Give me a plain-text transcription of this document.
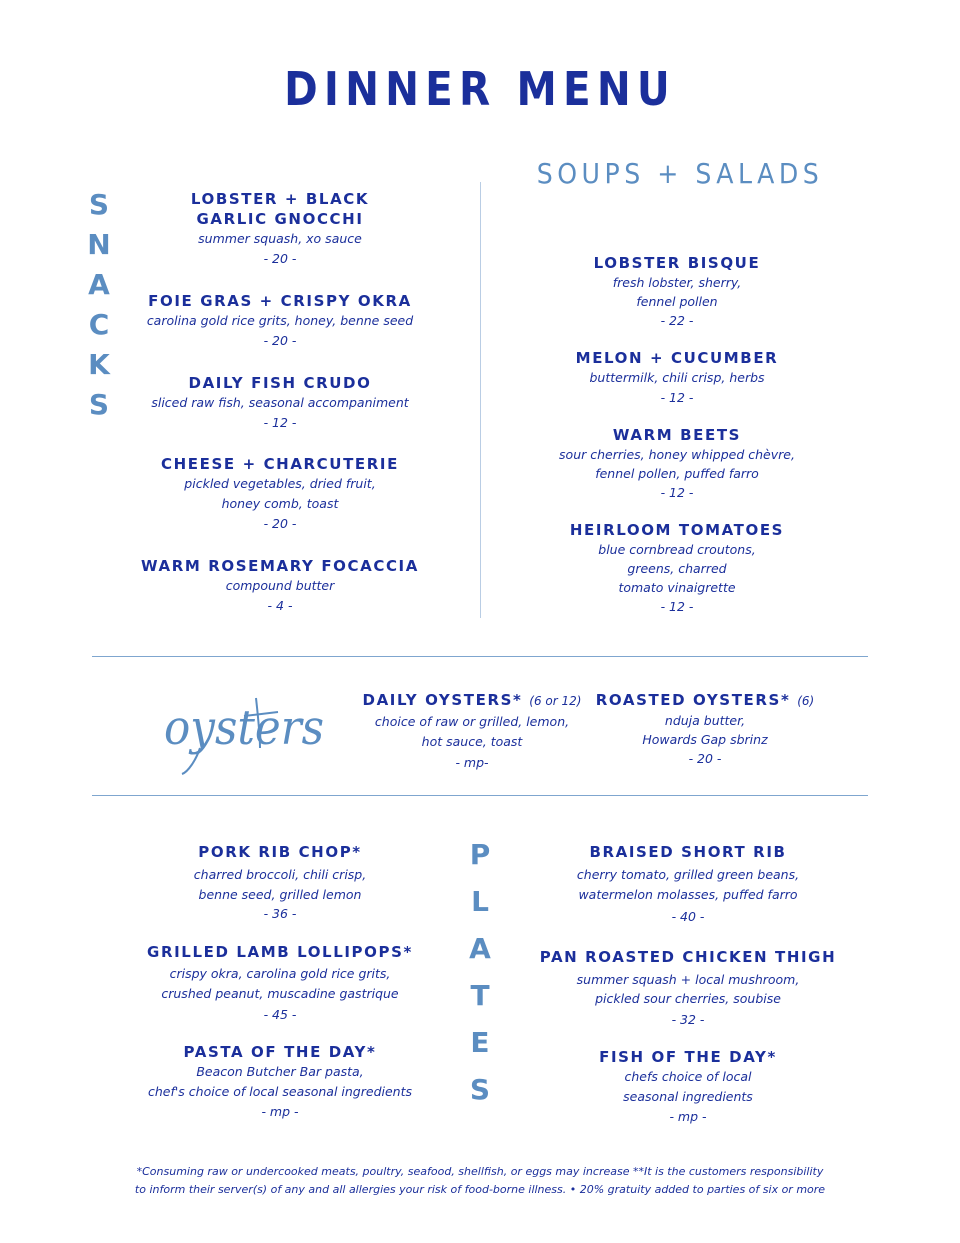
DINNER MENU
S
N
A
C
K
S
LOBSTER + BLACK
GARLIC GNOCCHI
summer squash, xo sauce
- 20 -
FOIE GRAS + CRISPY OKRA
carolina gold rice grits, honey, benne seed
- 20 -
DAILY FISH CRUDO
sliced raw fish, seasonal accompaniment
- 12 -
CHEESE + CHARCUTERIE
pickled vegetables, dried fruit,
honey comb, toast
- 20 -
WARM ROSEMARY FOCACCIA
compound butter
- 4 -
SOUPS + SALADS
LOBSTER BISQUE
fresh lobster, sherry,
fennel pollen
- 22 -
MELON + CUCUMBER
buttermilk, chili crisp, herbs
- 12 -
WARM BEETS
sour cherries, honey whipped chèvre,
fennel pollen, puffed farro
- 12 -
HEIRLOOM TOMATOES
blue cornbread croutons,
greens, charred
tomato vinaigrette
- 12 -
oysters	DAILY OYSTERS* (6 or 12)
choice of raw or grilled, lemon,
hot sauce, toast
- mp-
ROASTED OYSTERS* (6)
nduja butter,
Howards Gap sbrinz
- 20 -
P
L
A
T
E
S
PORK RIB CHOP*
charred broccoli, chili crisp,
benne seed, grilled lemon
- 36 -
GRILLED LAMB LOLLIPOPS*
crispy okra, carolina gold rice grits,
crushed peanut, muscadine gastrique
- 45 -
PASTA OF THE DAY*
Beacon Butcher Bar pasta,
chef's choice of local seasonal ingredients
- mp -
BRAISED SHORT RIB
cherry tomato, grilled green beans,
watermelon molasses, puffed farro
- 40 -
PAN ROASTED CHICKEN THIGH
summer squash + local mushroom,
pickled sour cherries, soubise
- 32 -
FISH OF THE DAY*
chefs choice of local
seasonal ingredients
- mp -
*Consuming raw or undercooked meats, poultry, seafood, shellfish, or eggs may increase **It is the customers responsibility
to inform their server(s) of any and all allergies your risk of food-borne illness. • 20% gratuity added to parties of six or more
